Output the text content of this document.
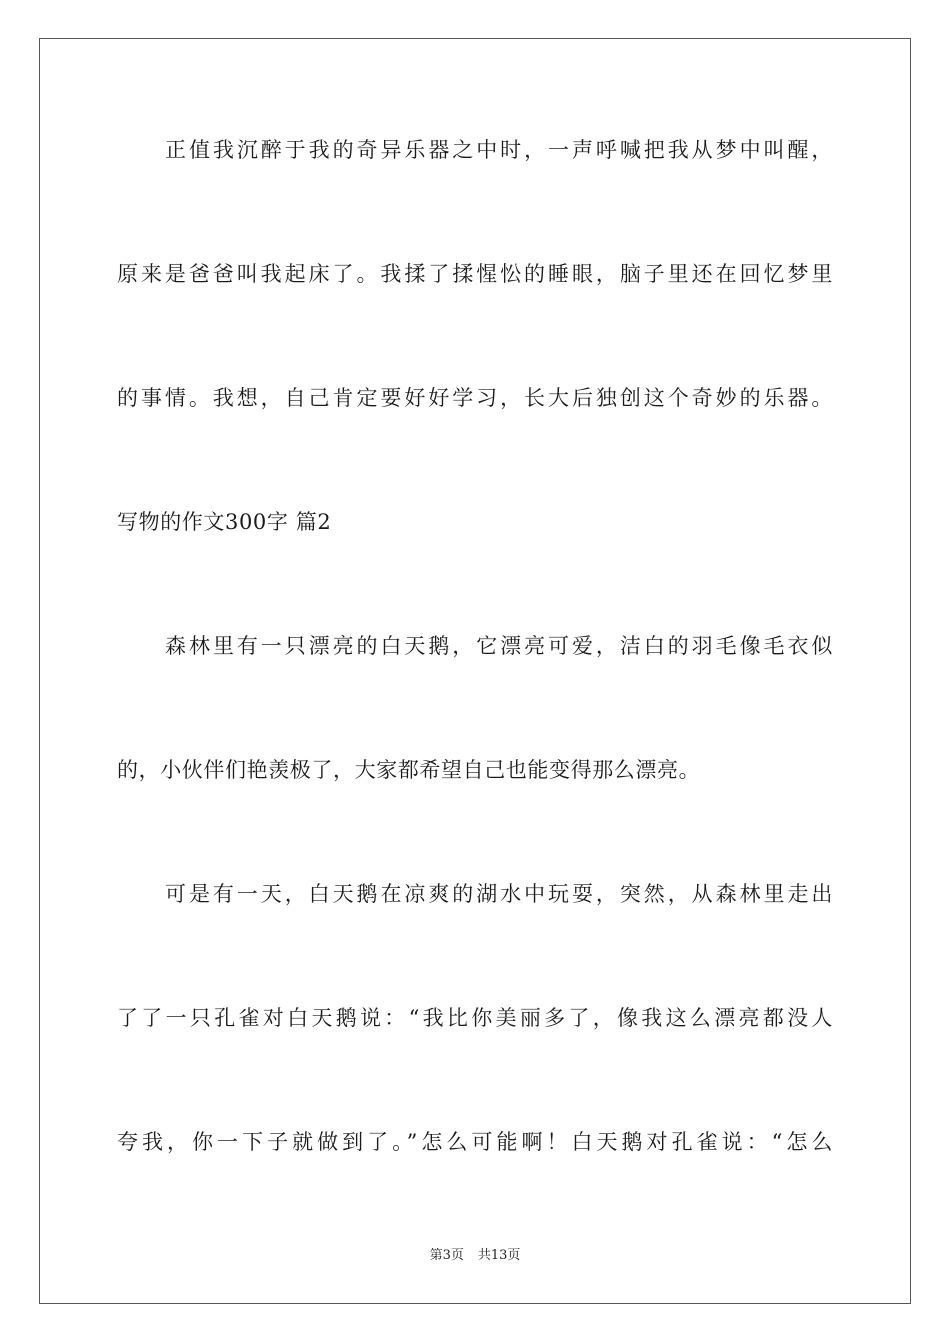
正值我沉醉于我的奇异乐器之中时，一声呼喊把我从梦中叫醒，
原来是爸爸叫我起床了。我揉了揉惺忪的睡眼，脑子里还在回忆梦里
的事情。我想，自己肯定要好好学习，长大后独创这个奇妙的乐器。
写物的作文300字 篇2
森林里有一只漂亮的白天鹅，它漂亮可爱，洁白的羽毛像毛衣似
的，小伙伴们艳羡极了，大家都希望自己也能变得那么漂亮。
可是有一天，白天鹅在凉爽的湖水中玩耍，突然，从森林里走出
了了一只孔雀对白天鹅说：“我比你美丽多了，像我这么漂亮都没人
夸我，你一下子就做到了。”怎么可能啊！白天鹅对孔雀说：“怎么
第3页 共13页
